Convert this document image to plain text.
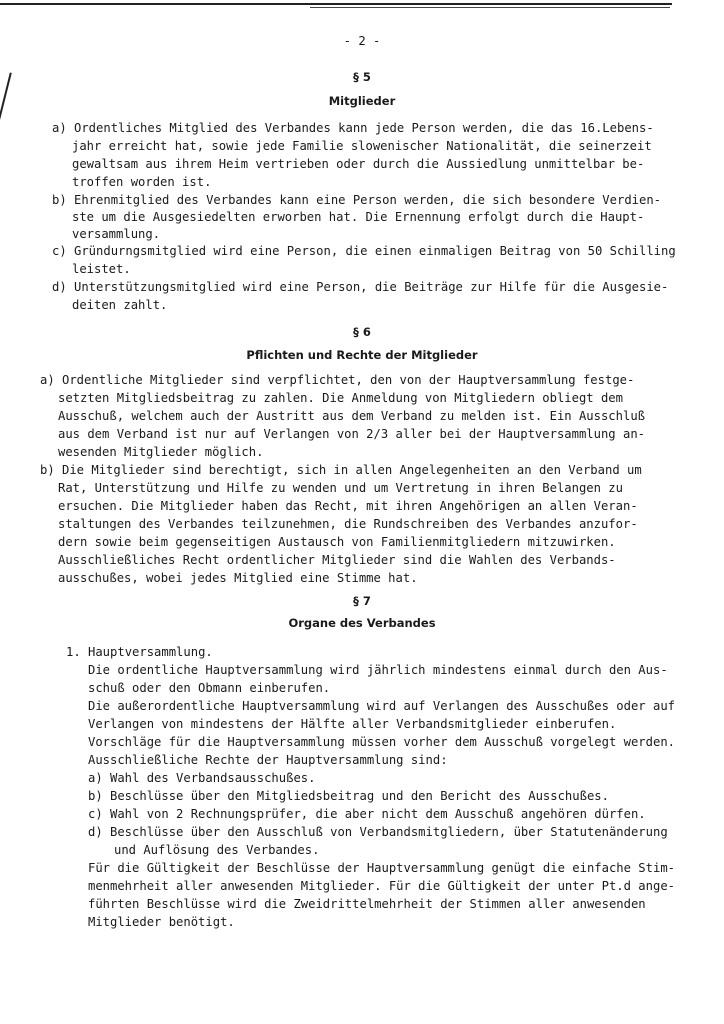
- 2 -
§ 5
Mitglieder
a) Ordentliches Mitglied des Verbandes kann jede Person werden, die das 16.Lebens-
jahr erreicht hat, sowie jede Familie slowenischer Nationalität, die seinerzeit
gewaltsam aus ihrem Heim vertrieben oder durch die Aussiedlung unmittelbar be-
troffen worden ist.
b) Ehrenmitglied des Verbandes kann eine Person werden, die sich besondere Verdien-
ste um die Ausgesiedelten erworben hat. Die Ernennung erfolgt durch die Haupt-
versammlung.
c) Gründurngsmitglied wird eine Person, die einen einmaligen Beitrag von 50 Schilling
leistet.
d) Unterstützungsmitglied wird eine Person, die Beiträge zur Hilfe für die Ausgesie-
deiten zahlt.
§ 6
Pflichten und Rechte der Mitglieder
a) Ordentliche Mitglieder sind verpflichtet, den von der Hauptversammlung festge-
setzten Mitgliedsbeitrag zu zahlen. Die Anmeldung von Mitgliedern obliegt dem
Ausschuß, welchem auch der Austritt aus dem Verband zu melden ist. Ein Ausschluß
aus dem Verband ist nur auf Verlangen von 2/3 aller bei der Hauptversammlung an-
wesenden Mitglieder möglich.
b) Die Mitglieder sind berechtigt, sich in allen Angelegenheiten an den Verband um
Rat, Unterstützung und Hilfe zu wenden und um Vertretung in ihren Belangen zu
ersuchen. Die Mitglieder haben das Recht, mit ihren Angehörigen an allen Veran-
staltungen des Verbandes teilzunehmen, die Rundschreiben des Verbandes anzufor-
dern sowie beim gegenseitigen Austausch von Familienmitgliedern mitzuwirken.
Ausschließliches Recht ordentlicher Mitglieder sind die Wahlen des Verbands-
ausschußes, wobei jedes Mitglied eine Stimme hat.
§ 7
Organe des Verbandes
1. Hauptversammlung.
Die ordentliche Hauptversammlung wird jährlich mindestens einmal durch den Aus-
schuß oder den Obmann einberufen.
Die außerordentliche Hauptversammlung wird auf Verlangen des Ausschußes oder auf
Verlangen von mindestens der Hälfte aller Verbandsmitglieder einberufen.
Vorschläge für die Hauptversammlung müssen vorher dem Ausschuß vorgelegt werden.
Ausschließliche Rechte der Hauptversammlung sind:
a) Wahl des Verbandsausschußes.
b) Beschlüsse über den Mitgliedsbeitrag und den Bericht des Ausschußes.
c) Wahl von 2 Rechnungsprüfer, die aber nicht dem Ausschuß angehören dürfen.
d) Beschlüsse über den Ausschluß von Verbandsmitgliedern, über Statutenänderung
und Auflösung des Verbandes.
Für die Gültigkeit der Beschlüsse der Hauptversammlung genügt die einfache Stim-
menmehrheit aller anwesenden Mitglieder. Für die Gültigkeit der unter Pt.d ange-
führten Beschlüsse wird die Zweidrittelmehrheit der Stimmen aller anwesenden
Mitglieder benötigt.
